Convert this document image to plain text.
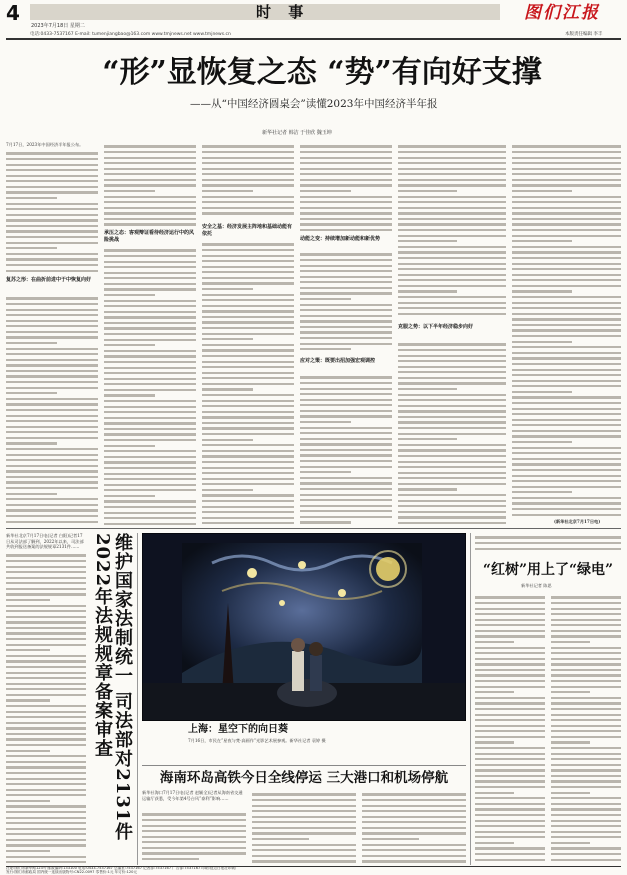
4	时 事	图们江报
2023年7月18日 星期二
电话:0433-7537167 E-mail: tumenjiangbao@163.com www.tmjnews.net www.tmjnews.cn	本版责任编辑 李丰
“形”显恢复之态 “势”有向好支撑
——从“中国经济圆桌会”读懂2023年中国经济半年报
新华社记者 韩洁 于佳欣 魏玉坤
7月17日，2023年中国经济半年报公布。
复苏之形：在曲折前进中于中恢复向好
承压之态：客观辩证看待经济运行中的风险挑战
安全之基：经济发展主阵地和基础动能有依托
动能之变：持续增加新动能和新优势
应对之策：既要出招加强宏观调控
克服之势：以下半年经济稳步向好
(新华社北京7月17日电)
新华社北京7月17日电(记者 白阳)记者17日从司法部了解到，2022年以来，司法部共收到报送备案的法规规章2131件……	维护国家法制统一 司法部对2131件2022年法规规章备案审查	上海：星空下的向日葵
7月16日，市民在“星夜与梵·高画作”光影艺术展参观。新华社记者 袁婷 摄
海南环岛高铁今日全线停运 三大港口和机场停航
新华社海口7月17日电(记者 赵颖全)记者从海南省交通运输厅获悉，受今年第4号台风“泰利”影响……
“红树”用上了“绿电”
新华社记者 陈思
社址:图们市新华路123号 邮政编码:133100 电话:0433-7537167 总编室:7537167 记者部:7537167 广告部:7537167 印刷:延边日报社印刷厂
发行:图们市邮政局 国内统一连续出版物号:CN22-0097 零售价:1元 年订价:120元
